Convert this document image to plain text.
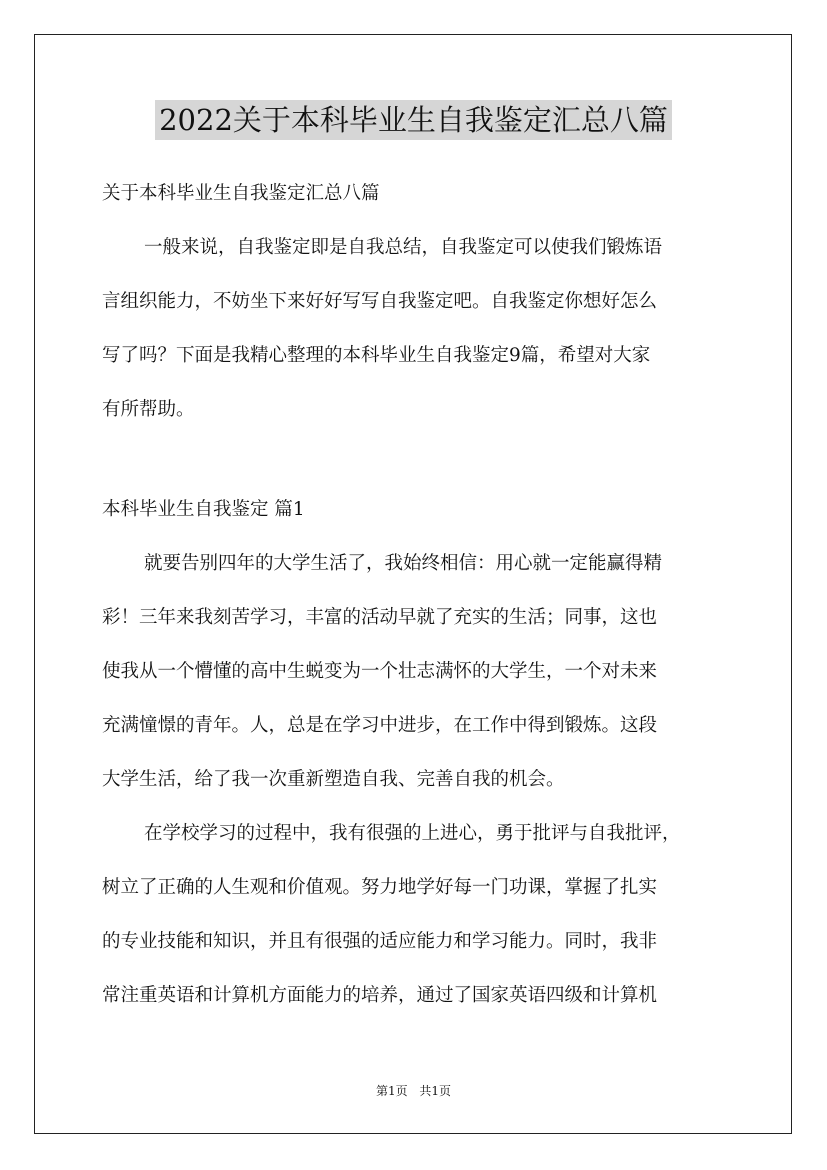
2022关于本科毕业生自我鉴定汇总八篇
关于本科毕业生自我鉴定汇总八篇
一般来说，自我鉴定即是自我总结，自我鉴定可以使我们锻炼语
言组织能力，不妨坐下来好好写写自我鉴定吧。自我鉴定你想好怎么
写了吗？下面是我精心整理的本科毕业生自我鉴定9篇，希望对大家
有所帮助。
本科毕业生自我鉴定 篇1
就要告别四年的大学生活了，我始终相信：用心就一定能赢得精
彩！三年来我刻苦学习，丰富的活动早就了充实的生活；同事，这也
使我从一个懵懂的高中生蜕变为一个壮志满怀的大学生，一个对未来
充满憧憬的青年。人，总是在学习中进步，在工作中得到锻炼。这段
大学生活，给了我一次重新塑造自我、完善自我的机会。
在学校学习的过程中，我有很强的上进心，勇于批评与自我批评，
树立了正确的人生观和价值观。努力地学好每一门功课，掌握了扎实
的专业技能和知识，并且有很强的适应能力和学习能力。同时，我非
常注重英语和计算机方面能力的培养，通过了国家英语四级和计算机
第1页 共1页
